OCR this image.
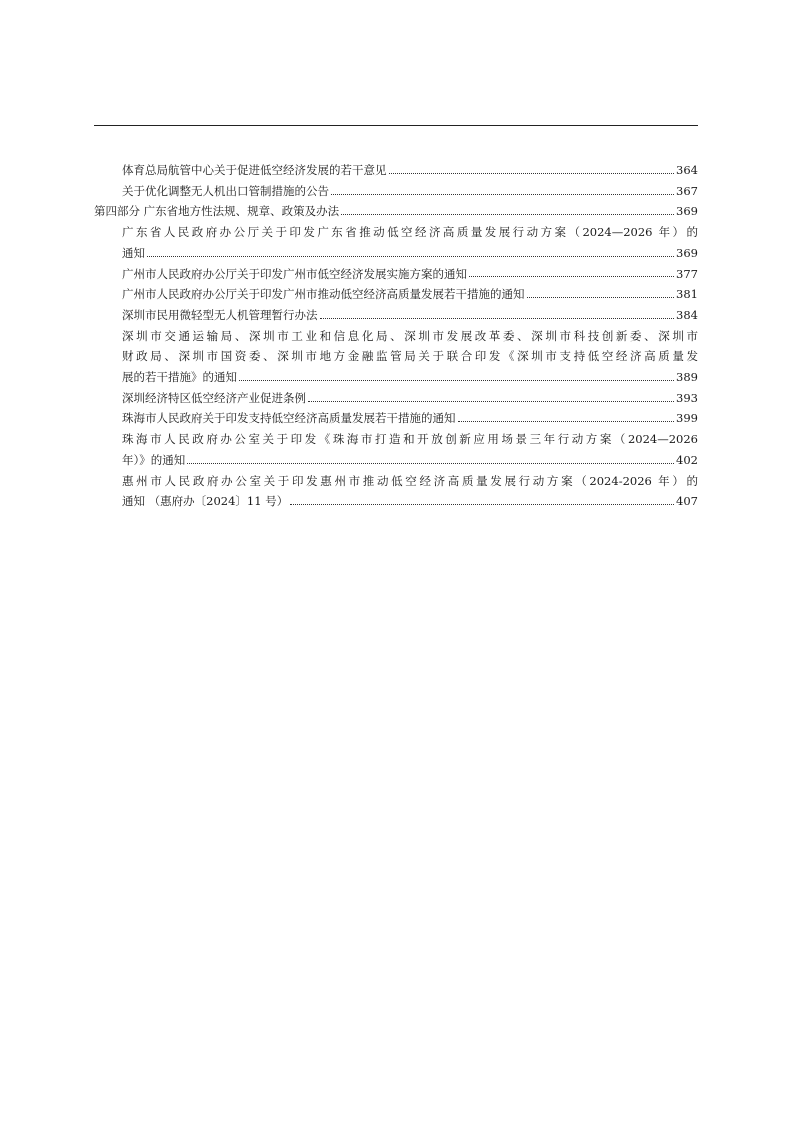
体育总局航管中心关于促进低空经济发展的若干意见	364
关于优化调整无人机出口管制措施的公告	367
第四部分 广东省地方性法规、规章、政策及办法	369
广东省人民政府办公厅关于印发广东省推动低空经济高质量发展行动方案（2024—2026 年）的
通知	369
广州市人民政府办公厅关于印发广州市低空经济发展实施方案的通知	377
广州市人民政府办公厅关于印发广州市推动低空经济高质量发展若干措施的通知	381
深圳市民用微轻型无人机管理暂行办法	384
深圳市交通运输局、深圳市工业和信息化局、深圳市发展改革委、深圳市科技创新委、深圳市
财政局、深圳市国资委、深圳市地方金融监管局关于联合印发《深圳市支持低空经济高质量发
展的若干措施》的通知	389
深圳经济特区低空经济产业促进条例	393
珠海市人民政府关于印发支持低空经济高质量发展若干措施的通知	399
珠海市人民政府办公室关于印发《珠海市打造和开放创新应用场景三年行动方案（2024—2026
年）》的通知	402
惠州市人民政府办公室关于印发惠州市推动低空经济高质量发展行动方案（2024-2026 年）的
通知 （惠府办〔2024〕11 号）	407
